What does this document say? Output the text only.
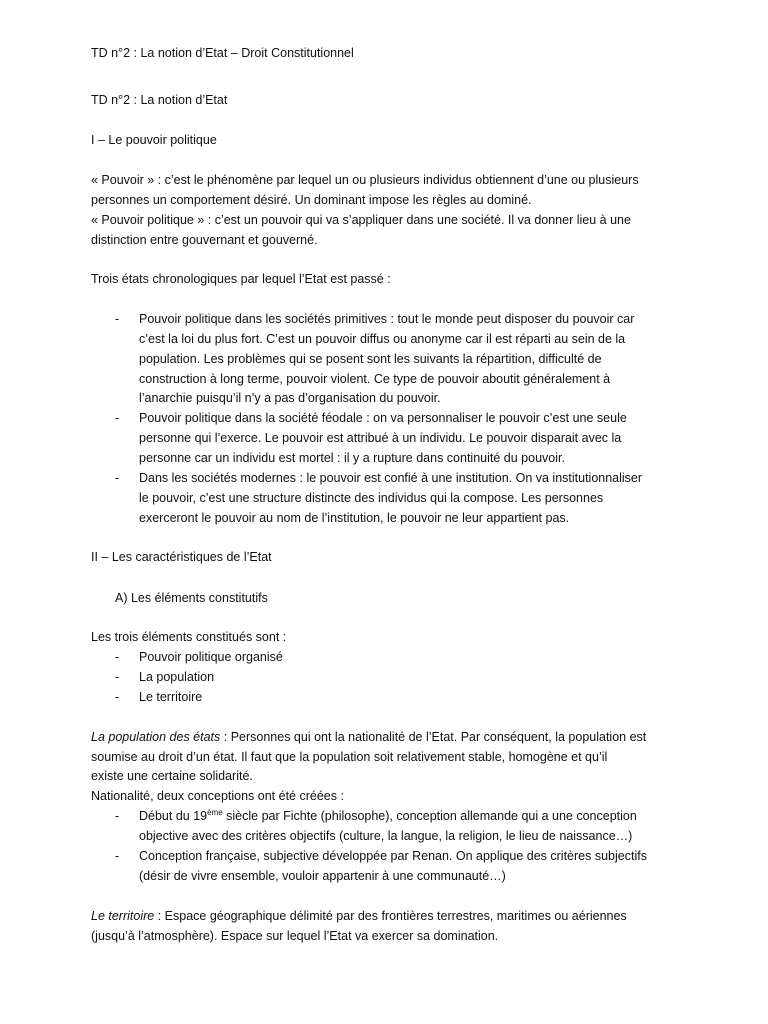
TD n°2 : La notion d’Etat – Droit Constitutionnel

TD n°2 : La notion d’Etat

I – Le pouvoir politique

« Pouvoir » : c’est le phénomène par lequel un ou plusieurs individus obtiennent d’une ou plusieurs

personnes un comportement désiré. Un dominant impose les règles au dominé.

« Pouvoir politique » : c’est un pouvoir qui va s’appliquer dans une société. Il va donner lieu à une

distinction entre gouvernant et gouverné.

Trois états chronologiques par lequel l’Etat est passé :

- Pouvoir politique dans les sociétés primitives : tout le monde peut disposer du pouvoir car

c’est la loi du plus fort. C’est un pouvoir diffus ou anonyme car il est réparti au sein de la

population. Les problèmes qui se posent sont les suivants la répartition, difficulté de

construction à long terme, pouvoir violent. Ce type de pouvoir aboutit généralement à

l’anarchie puisqu’il n’y a pas d’organisation du pouvoir.

- Pouvoir politique dans la société féodale : on va personnaliser le pouvoir c’est une seule

personne qui l’exerce. Le pouvoir est attribué à un individu. Le pouvoir disparait avec la

personne car un individu est mortel : il y a rupture dans continuité du pouvoir.

- Dans les sociétés modernes : le pouvoir est confié à une institution. On va institutionnaliser

le pouvoir, c’est une structure distincte des individus qui la compose. Les personnes

exerceront le pouvoir au nom de l’institution, le pouvoir ne leur appartient pas.

II – Les caractéristiques de l’Etat

A) Les éléments constitutifs

Les trois éléments constitués sont :

- Pouvoir politique organisé

- La population

- Le territoire

La population des états : Personnes qui ont la nationalité de l’Etat. Par conséquent, la population est

soumise au droit d’un état. Il faut que la population soit relativement stable, homogène et qu’il

existe une certaine solidarité.

Nationalité, deux conceptions ont été créées :

- Début du 19ème siècle par Fichte (philosophe), conception allemande qui a une conception

objective avec des critères objectifs (culture, la langue, la religion, le lieu de naissance…)

- Conception française, subjective développée par Renan. On applique des critères subjectifs

(désir de vivre ensemble, vouloir appartenir à une communauté…)

Le territoire : Espace géographique délimité par des frontières terrestres, maritimes ou aériennes

(jusqu’à l’atmosphère). Espace sur lequel l’Etat va exercer sa domination.
